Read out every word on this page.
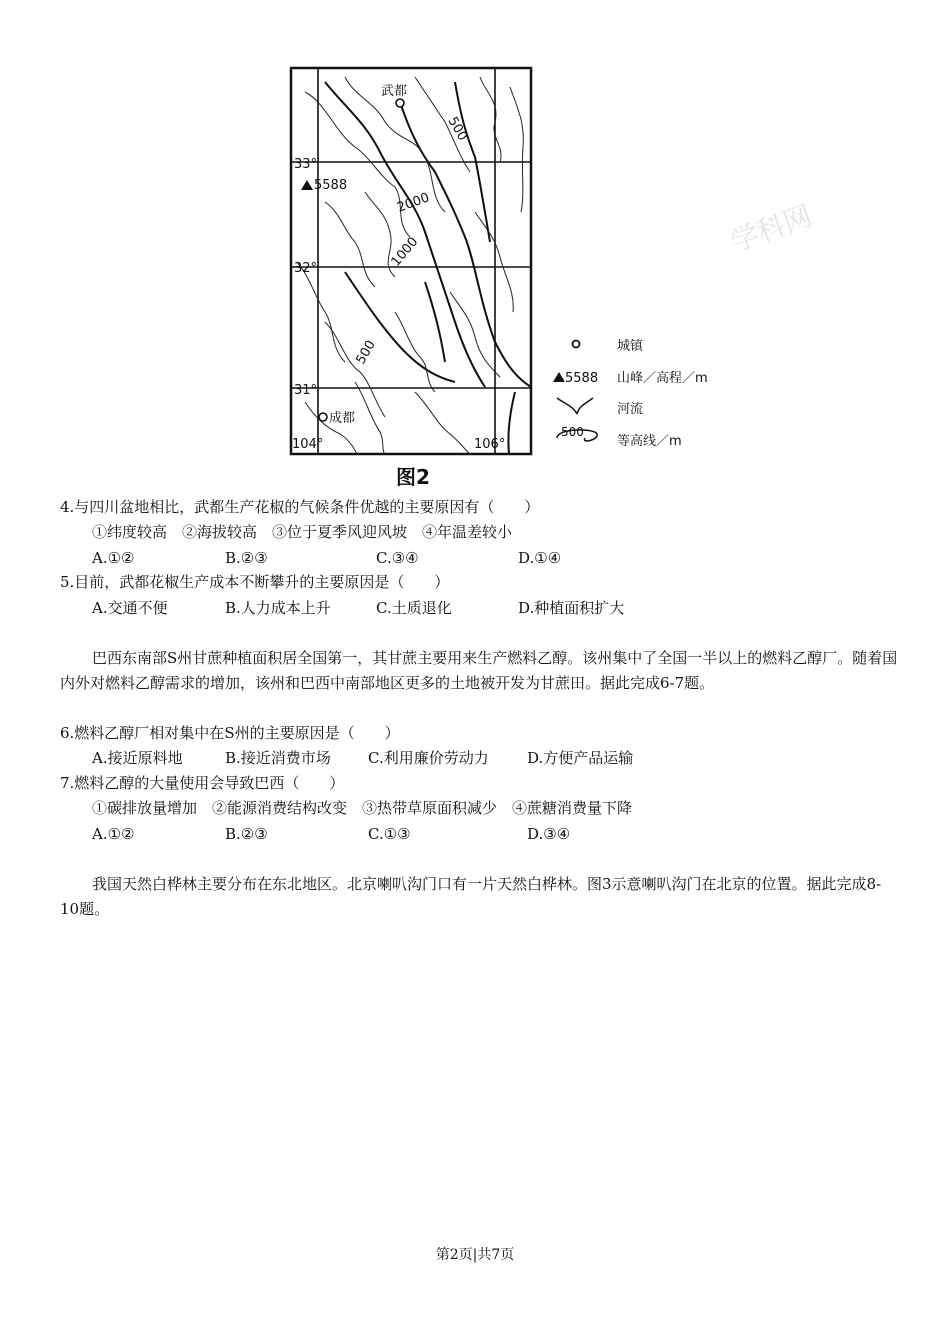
武都
成都
5588
33°
32°
31°
104°	106°
500
2000
1000
500
学科网
城镇
5588 山峰／高程／m
河流
500
等高线／m
图2
4.与四川盆地相比，武都生产花椒的气候条件优越的主要原因有（　　）
①纬度较高　②海拔较高　③位于夏季风迎风坡　④年温差较小
A.①②	B.②③	C.③④	D.①④
5.目前，武都花椒生产成本不断攀升的主要原因是（　　）
A.交通不便	B.人力成本上升	C.土质退化	D.种植面积扩大
巴西东南部S州甘蔗种植面积居全国第一，其甘蔗主要用来生产燃料乙醇。该州集中了全国一半以上的燃料乙醇厂。随着国内外对燃料乙醇需求的增加，该州和巴西中南部地区更多的土地被开发为甘蔗田。据此完成6-7题。
6.燃料乙醇厂相对集中在S州的主要原因是（　　）
A.接近原料地	B.接近消费市场 C.利用廉价劳动力	D.方便产品运输
7.燃料乙醇的大量使用会导致巴西（　　）
①碳排放量增加　②能源消费结构改变　③热带草原面积减少　④蔗糖消费量下降
A.①②	B.②③	C.①③	D.③④
我国天然白桦林主要分布在东北地区。北京喇叭沟门口有一片天然白桦林。图3示意喇叭沟门在北京的位置。据此完成8-10题。
第2页|共7页
